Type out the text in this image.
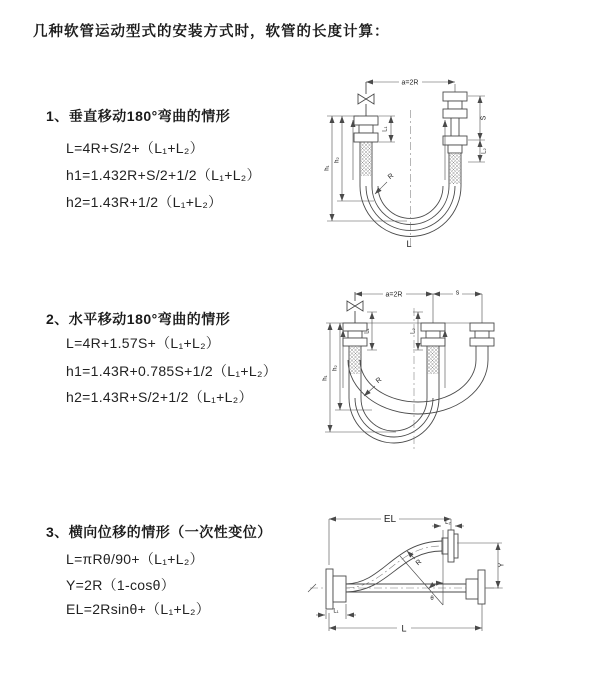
几种软管运动型式的安装方式时，软管的长度计算：
1、垂直移动180°弯曲的情形
L=4R+S/2+（L₁+L₂）
h1=1.432R+S/2+1/2（L₁+L₂）
h2=1.43R+1/2（L₁+L₂）
2、水平移动180°弯曲的情形
L=4R+1.57S+（L₁+L₂）
h1=1.43R+0.785S+1/2（L₁+L₂）
h2=1.43R+S/2+1/2（L₁+L₂）
3、横向位移的情形（一次性变位）
L=πRθ/90+（L₁+L₂）
Y=2R（1-cosθ）
EL=2Rsinθ+（L₁+L₂）
a=2R
S
L₂
L₁
h₁
h₂
R
L
a=2R	s
L₁	L₂
h₁
h₂
R
θ
EL	L₂
Y
R
L₁
L
